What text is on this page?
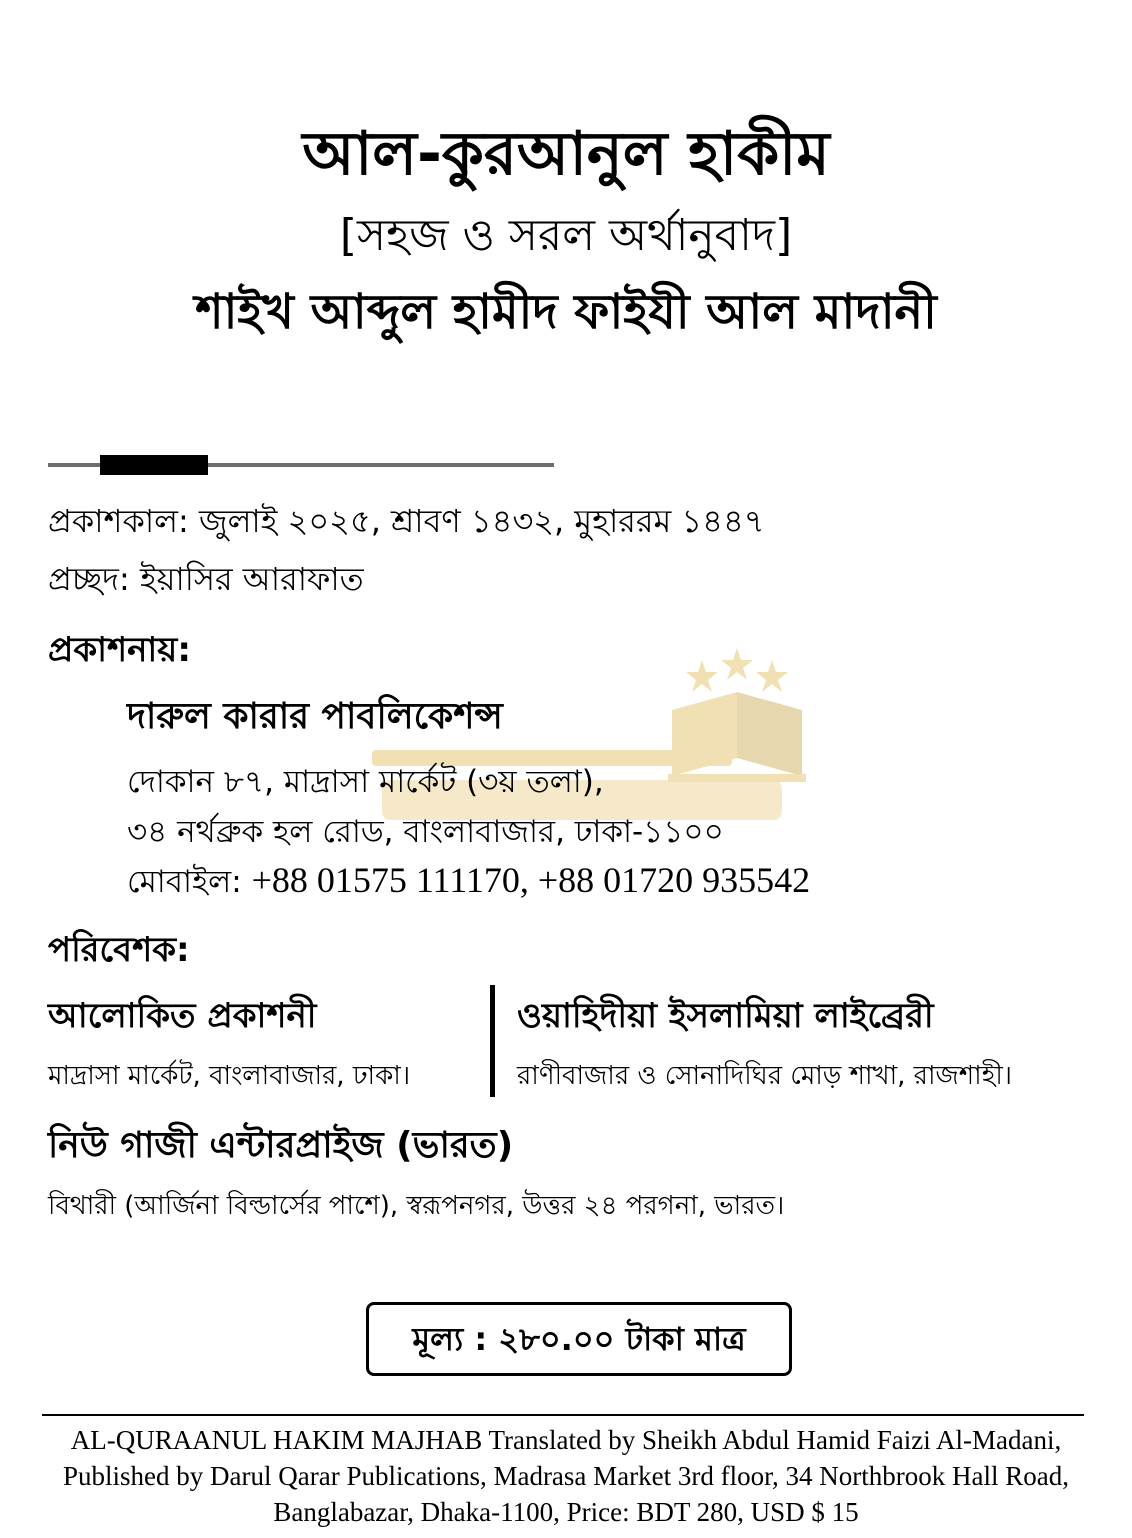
আল-কুরআনুল হাকীম
[সহজ ও সরল অর্থানুবাদ]
শাইখ আব্দুল হামীদ ফাইযী আল মাদানী
প্রকাশকাল: জুলাই ২০২৫, শ্রাবণ ১৪৩২, মুহাররম ১৪৪৭
প্রচ্ছদ: ইয়াসির আরাফাত
প্রকাশনায়:
দারুল কারার পাবলিকেশন্স
দোকান ৮৭, মাদ্রাসা মার্কেট (৩য় তলা),
৩৪ নর্থব্রুক হল রোড, বাংলাবাজার, ঢাকা-১১০০
মোবাইল: +88 01575 111170, +88 01720 935542
পরিবেশক:
আলোকিত প্রকাশনী
মাদ্রাসা মার্কেট, বাংলাবাজার, ঢাকা।
ওয়াহিদীয়া ইসলামিয়া লাইব্রেরী
রাণীবাজার ও সোনাদিঘির মোড় শাখা, রাজশাহী।
নিউ গাজী এন্টারপ্রাইজ (ভারত)
বিথারী (আর্জিনা বিল্ডার্সের পাশে), স্বরূপনগর, উত্তর ২৪ পরগনা, ভারত।
মূল্য : ২৮০.০০ টাকা মাত্র
AL-QURAANUL HAKIM MAJHAB Translated by Sheikh Abdul Hamid Faizi Al-Madani, Published by Darul Qarar Publications, Madrasa Market 3rd floor, 34 Northbrook Hall Road, Banglabazar, Dhaka-1100, Price: BDT 280, USD $ 15
